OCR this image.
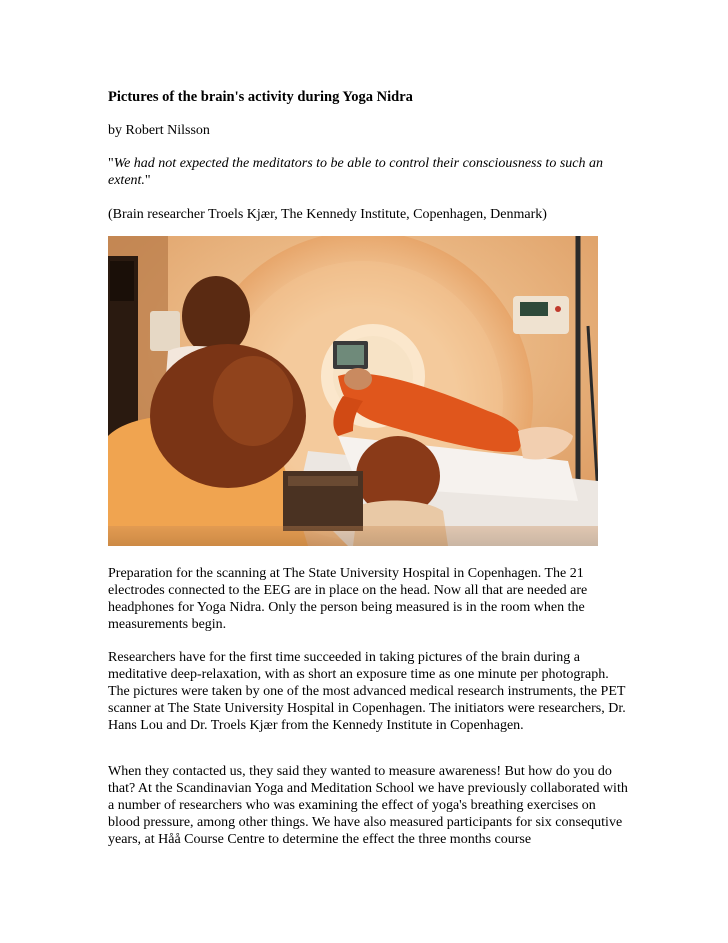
Pictures of the brain's activity during Yoga Nidra

by Robert Nilsson

"We had not expected the meditators to be able to control their consciousness to such an extent."

(Brain researcher Troels Kjær, The Kennedy Institute, Copenhagen, Denmark)

Preparation for the scanning at The State University Hospital in Copenhagen. The 21 electrodes connected to the EEG are in place on the head. Now all that are needed are headphones for Yoga Nidra. Only the person being measured is in the room when the measurements begin.

Researchers have for the first time succeeded in taking pictures of the brain during a meditative deep-relaxation, with as short an exposure time as one minute per photograph. The pictures were taken by one of the most advanced medical research instruments, the PET scanner at The State University Hospital in Copenhagen. The initiators were researchers, Dr. Hans Lou and Dr. Troels Kjær from the Kennedy Institute in Copenhagen.

When they contacted us, they said they wanted to measure awareness! But how do you do that? At the Scandinavian Yoga and Meditation School we have previously collaborated with a number of researchers who was examining the effect of yoga's breathing exercises on blood pressure, among other things. We have also measured participants for six consequtive years, at Håå Course Centre to determine the effect the three months course
